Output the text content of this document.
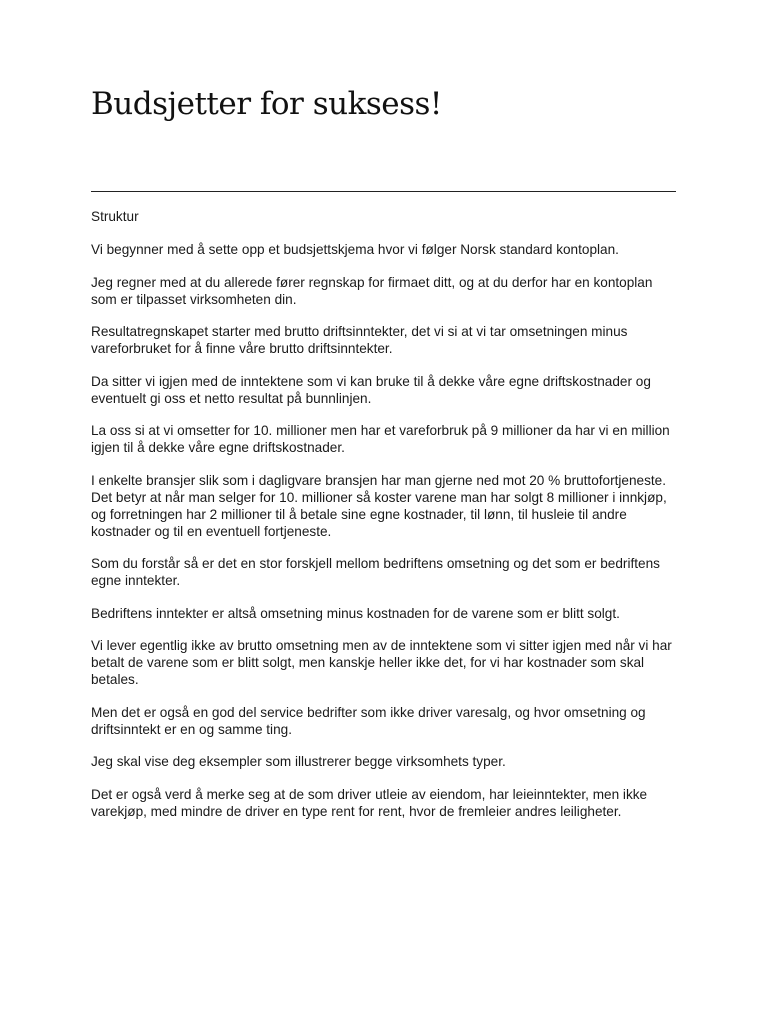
Budsjetter for suksess!

Struktur

Vi begynner med å sette opp et budsjettskjema hvor vi følger Norsk standard kontoplan.

Jeg regner med at du allerede fører regnskap for firmaet ditt, og at du derfor har en kontoplan som er tilpasset virksomheten din.

Resultatregnskapet starter med brutto driftsinntekter, det vi si at vi tar omsetningen minus vareforbruket for å finne våre brutto driftsinntekter.

Da sitter vi igjen med de inntektene som vi kan bruke til å dekke våre egne driftskostnader og eventuelt gi oss et netto resultat på bunnlinjen.

La oss si at vi omsetter for 10. millioner men har et vareforbruk på 9 millioner da har vi en million igjen til å dekke våre egne driftskostnader.

I enkelte bransjer slik som i dagligvare bransjen har man gjerne ned mot 20 % bruttofortjeneste. Det betyr at når man selger for 10. millioner så koster varene man har solgt 8 millioner i innkjøp, og forretningen har 2 millioner til å betale sine egne kostnader, til lønn, til husleie til andre kostnader og til en eventuell fortjeneste.

Som du forstår så er det en stor forskjell mellom bedriftens omsetning og det som er bedriftens egne inntekter.

Bedriftens inntekter er altså omsetning minus kostnaden for de varene som er blitt solgt.

Vi lever egentlig ikke av brutto omsetning men av de inntektene som vi sitter igjen med når vi har betalt de varene som er blitt solgt, men kanskje heller ikke det, for vi har kostnader som skal betales.

Men det er også en god del service bedrifter som ikke driver varesalg, og hvor omsetning og driftsinntekt er en og samme ting.

Jeg skal vise deg eksempler som illustrerer begge virksomhets typer.

Det er også verd å merke seg at de som driver utleie av eiendom, har leieinntekter, men ikke varekjøp, med mindre de driver en type rent for rent, hvor de fremleier andres leiligheter.
